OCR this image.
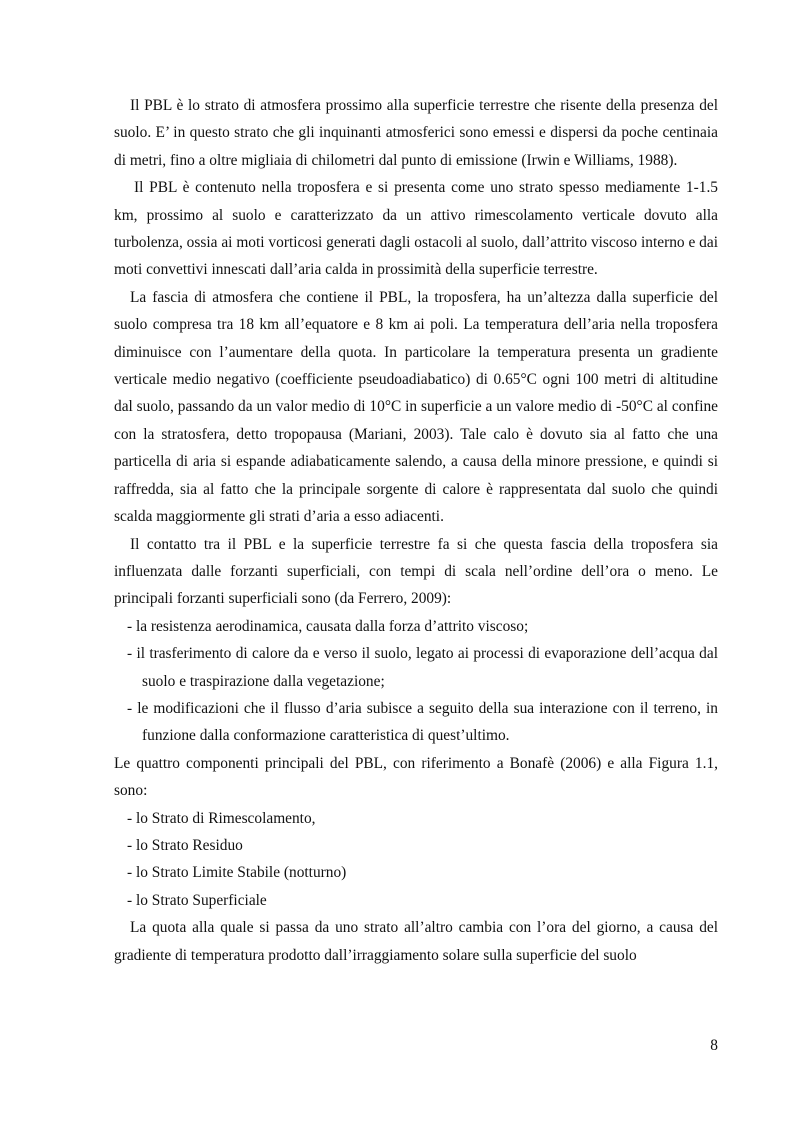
Il PBL è lo strato di atmosfera prossimo alla superficie terrestre che risente della presenza del suolo. E’ in questo strato che gli inquinanti atmosferici sono emessi e dispersi da poche centinaia di metri, fino a oltre migliaia di chilometri dal punto di emissione (Irwin e Williams, 1988).

Il PBL è contenuto nella troposfera e si presenta come uno strato spesso mediamente 1-1.5 km, prossimo al suolo e caratterizzato da un attivo rimescolamento verticale dovuto alla turbolenza, ossia ai moti vorticosi generati dagli ostacoli al suolo, dall’attrito viscoso interno e dai moti convettivi innescati dall’aria calda in prossimità della superficie terrestre.

La fascia di atmosfera che contiene il PBL, la troposfera, ha un’altezza dalla superficie del suolo compresa tra 18 km all’equatore e 8 km ai poli. La temperatura dell’aria nella troposfera diminuisce con l’aumentare della quota. In particolare la temperatura presenta un gradiente verticale medio negativo (coefficiente pseudoadiabatico) di 0.65°C ogni 100 metri di altitudine dal suolo, passando da un valor medio di 10°C in superficie a un valore medio di -50°C al confine con la stratosfera, detto tropopausa (Mariani, 2003). Tale calo è dovuto sia al fatto che una particella di aria si espande adiabaticamente salendo, a causa della minore pressione, e quindi si raffredda, sia al fatto che la principale sorgente di calore è rappresentata dal suolo che quindi scalda maggiormente gli strati d’aria a esso adiacenti.

Il contatto tra il PBL e la superficie terrestre fa si che questa fascia della troposfera sia influenzata dalle forzanti superficiali, con tempi di scala nell’ordine dell’ora o meno. Le principali forzanti superficiali sono (da Ferrero, 2009):

- la resistenza aerodinamica, causata dalla forza d’attrito viscoso;
- il trasferimento di calore da e verso il suolo, legato ai processi di evaporazione dell’acqua dal suolo e traspirazione dalla vegetazione;
- le modificazioni che il flusso d’aria subisce a seguito della sua interazione con il terreno, in funzione dalla conformazione caratteristica di quest’ultimo.

Le quattro componenti principali del PBL, con riferimento a Bonafè (2006) e alla Figura 1.1, sono:

- lo Strato di Rimescolamento,
- lo Strato Residuo
- lo Strato Limite Stabile (notturno)
- lo Strato Superficiale

La quota alla quale si passa da uno strato all’altro cambia con l’ora del giorno, a causa del gradiente di temperatura prodotto dall’irraggiamento solare sulla superficie del suolo

8
